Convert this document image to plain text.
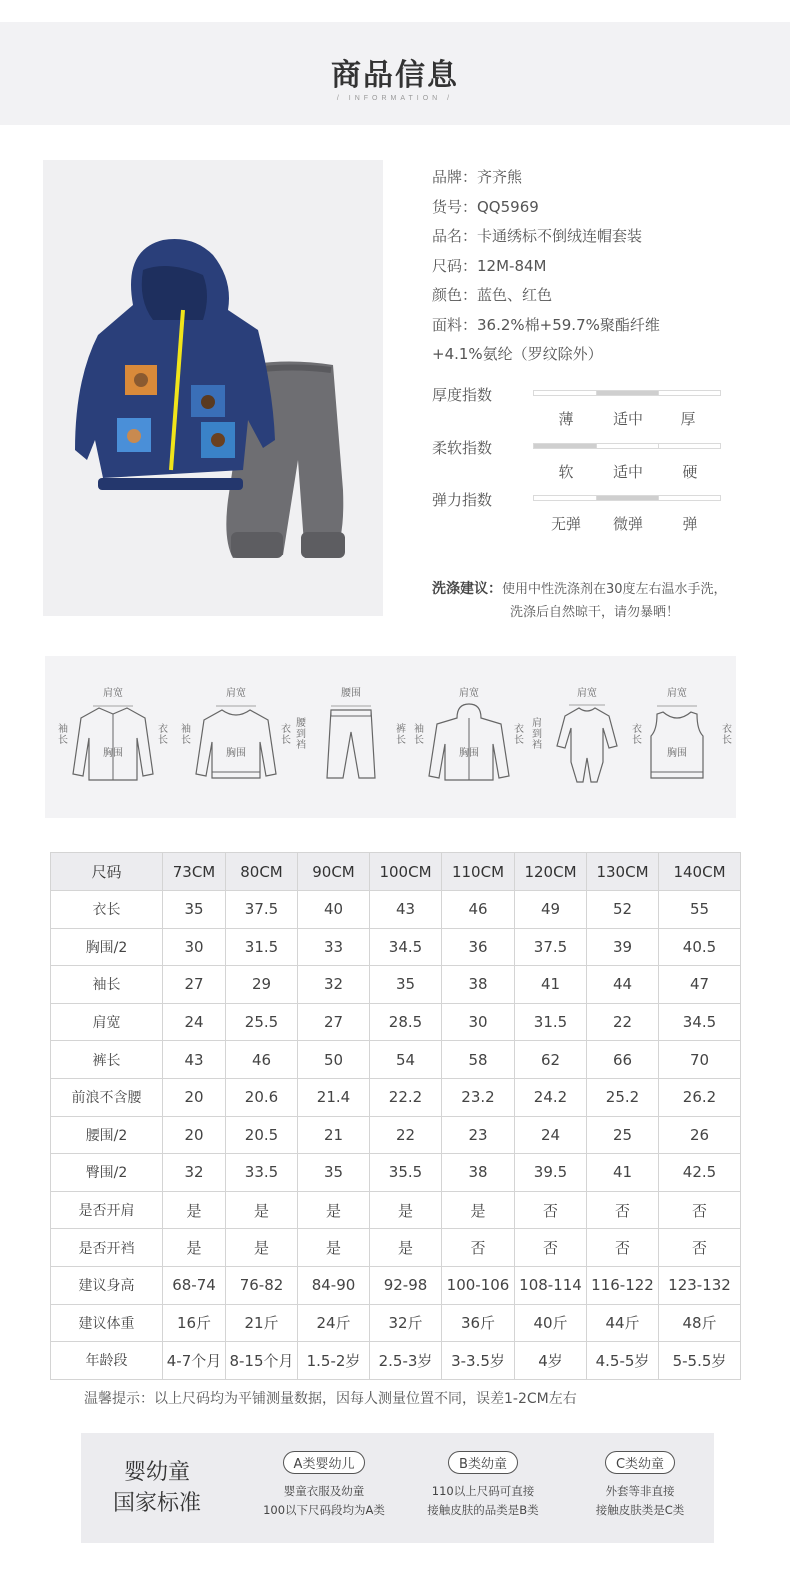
商品信息
/ INFORMATION /
品牌：齐齐熊
货号：QQ5969
品名：卡通绣标不倒绒连帽套装
尺码：12M-84M
颜色：蓝色、红色
面料：36.2%棉+59.7%聚酯纤维
+4.1%氨纶（罗纹除外）
厚度指数
薄	适中	厚
柔软指数
软	适中	硬
弹力指数
无弹	微弹	弹
洗涤建议：使用中性洗涤剂在30度左右温水手洗，
洗涤后自然晾干，请勿暴晒！
肩宽
袖长
衣长
胸围
肩宽
袖长
衣长
胸围
腰围
腰到裆
裤长
肩宽
袖长
衣长
胸围
肩宽
肩到裆
衣长
肩宽
衣长
胸围
尺码	73CM	80CM	90CM	100CM	110CM	120CM	130CM	140CM
衣长	35	37.5	40	43	46	49	52	55
胸围/2	30	31.5	33	34.5	36	37.5	39	40.5
袖长	27	29	32	35	38	41	44	47
肩宽	24	25.5	27	28.5	30	31.5	22	34.5
裤长	43	46	50	54	58	62	66	70
前浪不含腰	20	20.6	21.4	22.2	23.2	24.2	25.2	26.2
腰围/2	20	20.5	21	22	23	24	25	26
臀围/2	32	33.5	35	35.5	38	39.5	41	42.5
是否开肩	是	是	是	是	是	否	否	否
是否开裆	是	是	是	是	否	否	否	否
建议身高	68-74	76-82	84-90	92-98	100-106	108-114	116-122	123-132
建议体重	16斤	21斤	24斤	32斤	36斤	40斤	44斤	48斤
年龄段	4-7个月	8-15个月	1.5-2岁	2.5-3岁	3-3.5岁	4岁	4.5-5岁	5-5.5岁
温馨提示：以上尺码均为平铺测量数据，因每人测量位置不同，误差1-2CM左右
婴幼童
国家标准
A类婴幼儿
婴童衣服及幼童
100以下尺码段均为A类
B类幼童
110以上尺码可直接
接触皮肤的品类是B类
C类幼童
外套等非直接
接触皮肤类是C类
